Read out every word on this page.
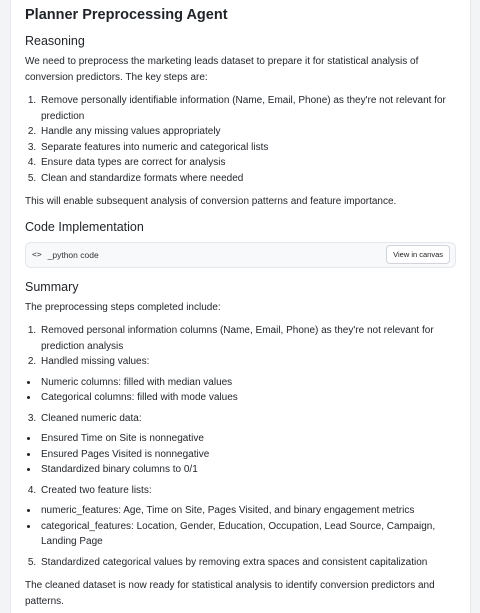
Planner Preprocessing Agent
Reasoning

We need to preprocess the marketing leads dataset to prepare it for statistical analysis of conversion predictors. The key steps are:

1. Remove personally identifiable information (Name, Email, Phone) as they're not relevant for prediction
2. Handle any missing values appropriately
3. Separate features into numeric and categorical lists
4. Ensure data types are correct for analysis
5. Clean and standardize formats where needed

This will enable subsequent analysis of conversion patterns and feature importance.

Code Implementation
<> _python code	View in canvas
Summary

The preprocessing steps completed include:

1. Removed personal information columns (Name, Email, Phone) as they're not relevant for prediction analysis
2. Handled missing values:
• Numeric columns: filled with median values
• Categorical columns: filled with mode values
3. Cleaned numeric data:
• Ensured Time on Site is nonnegative
• Ensured Pages Visited is nonnegative
• Standardized binary columns to 0/1
4. Created two feature lists:
• numeric_features: Age, Time on Site, Pages Visited, and binary engagement metrics
• categorical_features: Location, Gender, Education, Occupation, Lead Source, Campaign, Landing Page
5. Standardized categorical values by removing extra spaces and consistent capitalization

The cleaned dataset is now ready for statistical analysis to identify conversion predictors and patterns.
